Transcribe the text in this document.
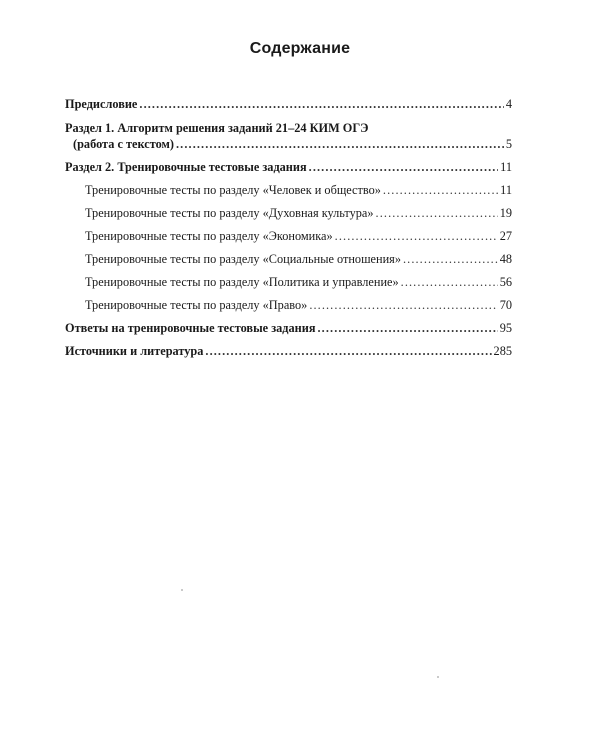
Содержание
Предисловие .....	4
Раздел 1. Алгоритм решения заданий 21–24 КИМ ОГЭ
(работа с текстом) .....	5
Раздел 2. Тренировочные тестовые задания .....	11
Тренировочные тесты по разделу «Человек и общество» .....	11
Тренировочные тесты по разделу «Духовная культура» .....	19
Тренировочные тесты по разделу «Экономика» .....	27
Тренировочные тесты по разделу «Социальные отношения» .....	48
Тренировочные тесты по разделу «Политика и управление» .....	56
Тренировочные тесты по разделу «Право» .....	70
Ответы на тренировочные тестовые задания .....	95
Источники и литература .....	285
